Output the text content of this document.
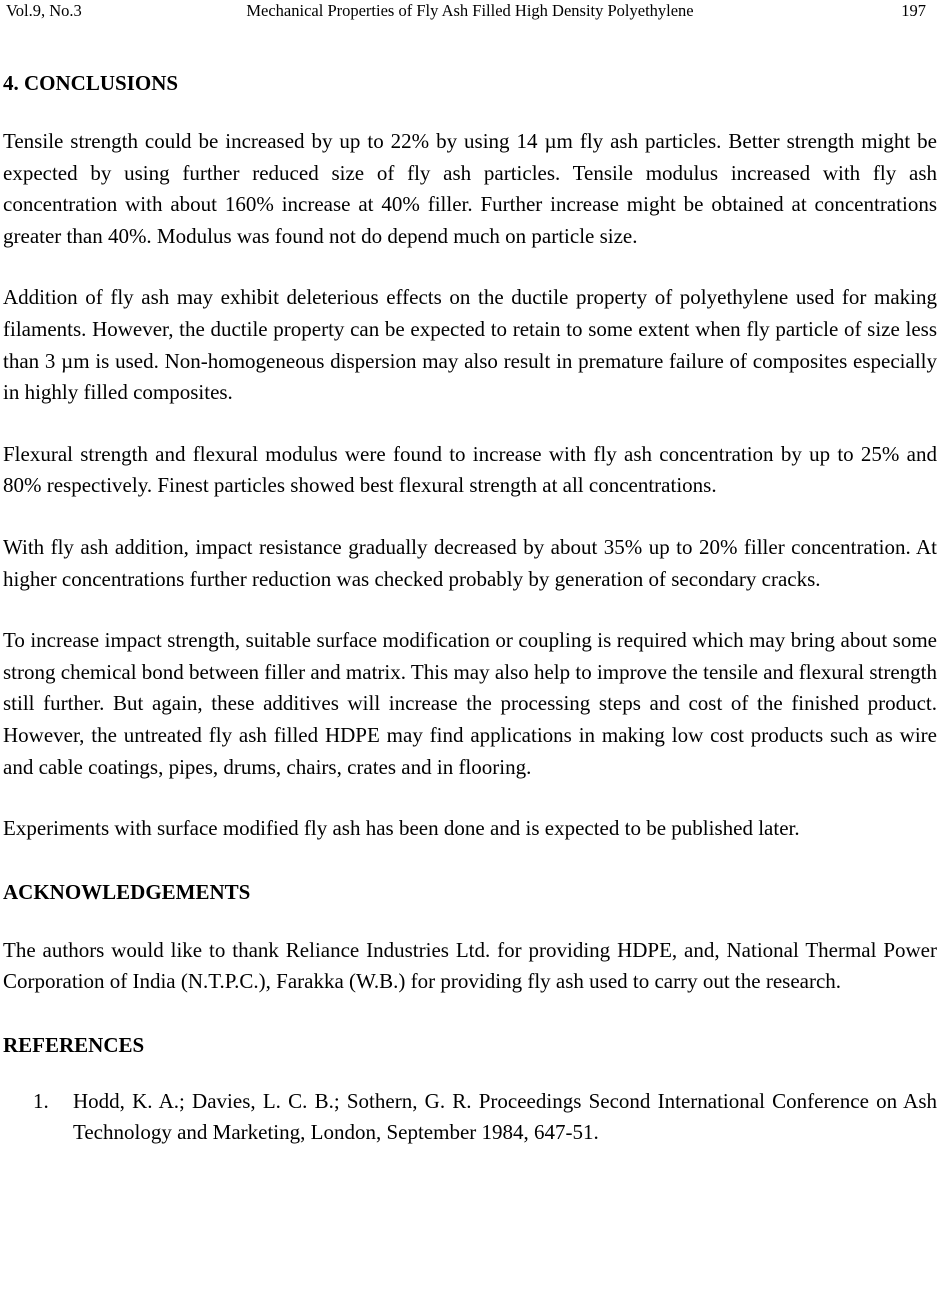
Vol.9, No.3	Mechanical Properties of Fly Ash Filled High Density Polyethylene	197
4. CONCLUSIONS

Tensile strength could be increased by up to 22% by using 14 µm fly ash particles. Better strength might be expected by using further reduced size of fly ash particles. Tensile modulus increased with fly ash concentration with about 160% increase at 40% filler. Further increase might be obtained at concentrations greater than 40%. Modulus was found not do depend much on particle size.

Addition of fly ash may exhibit deleterious effects on the ductile property of polyethylene used for making filaments. However, the ductile property can be expected to retain to some extent when fly particle of size less than 3 µm is used. Non-homogeneous dispersion may also result in premature failure of composites especially in highly filled composites.

Flexural strength and flexural modulus were found to increase with fly ash concentration by up to 25% and 80% respectively. Finest particles showed best flexural strength at all concentrations.

With fly ash addition, impact resistance gradually decreased by about 35% up to 20% filler concentration. At higher concentrations further reduction was checked probably by generation of secondary cracks.

To increase impact strength, suitable surface modification or coupling is required which may bring about some strong chemical bond between filler and matrix. This may also help to improve the tensile and flexural strength still further. But again, these additives will increase the processing steps and cost of the finished product. However, the untreated fly ash filled HDPE may find applications in making low cost products such as wire and cable coatings, pipes, drums, chairs, crates and in flooring.

Experiments with surface modified fly ash has been done and is expected to be published later.

ACKNOWLEDGEMENTS

The authors would like to thank Reliance Industries Ltd. for providing HDPE, and, National Thermal Power Corporation of India (N.T.P.C.), Farakka (W.B.) for providing fly ash used to carry out the research.

REFERENCES
1. Hodd, K. A.; Davies, L. C. B.; Sothern, G. R. Proceedings Second International Conference on Ash Technology and Marketing, London, September 1984, 647-51.
